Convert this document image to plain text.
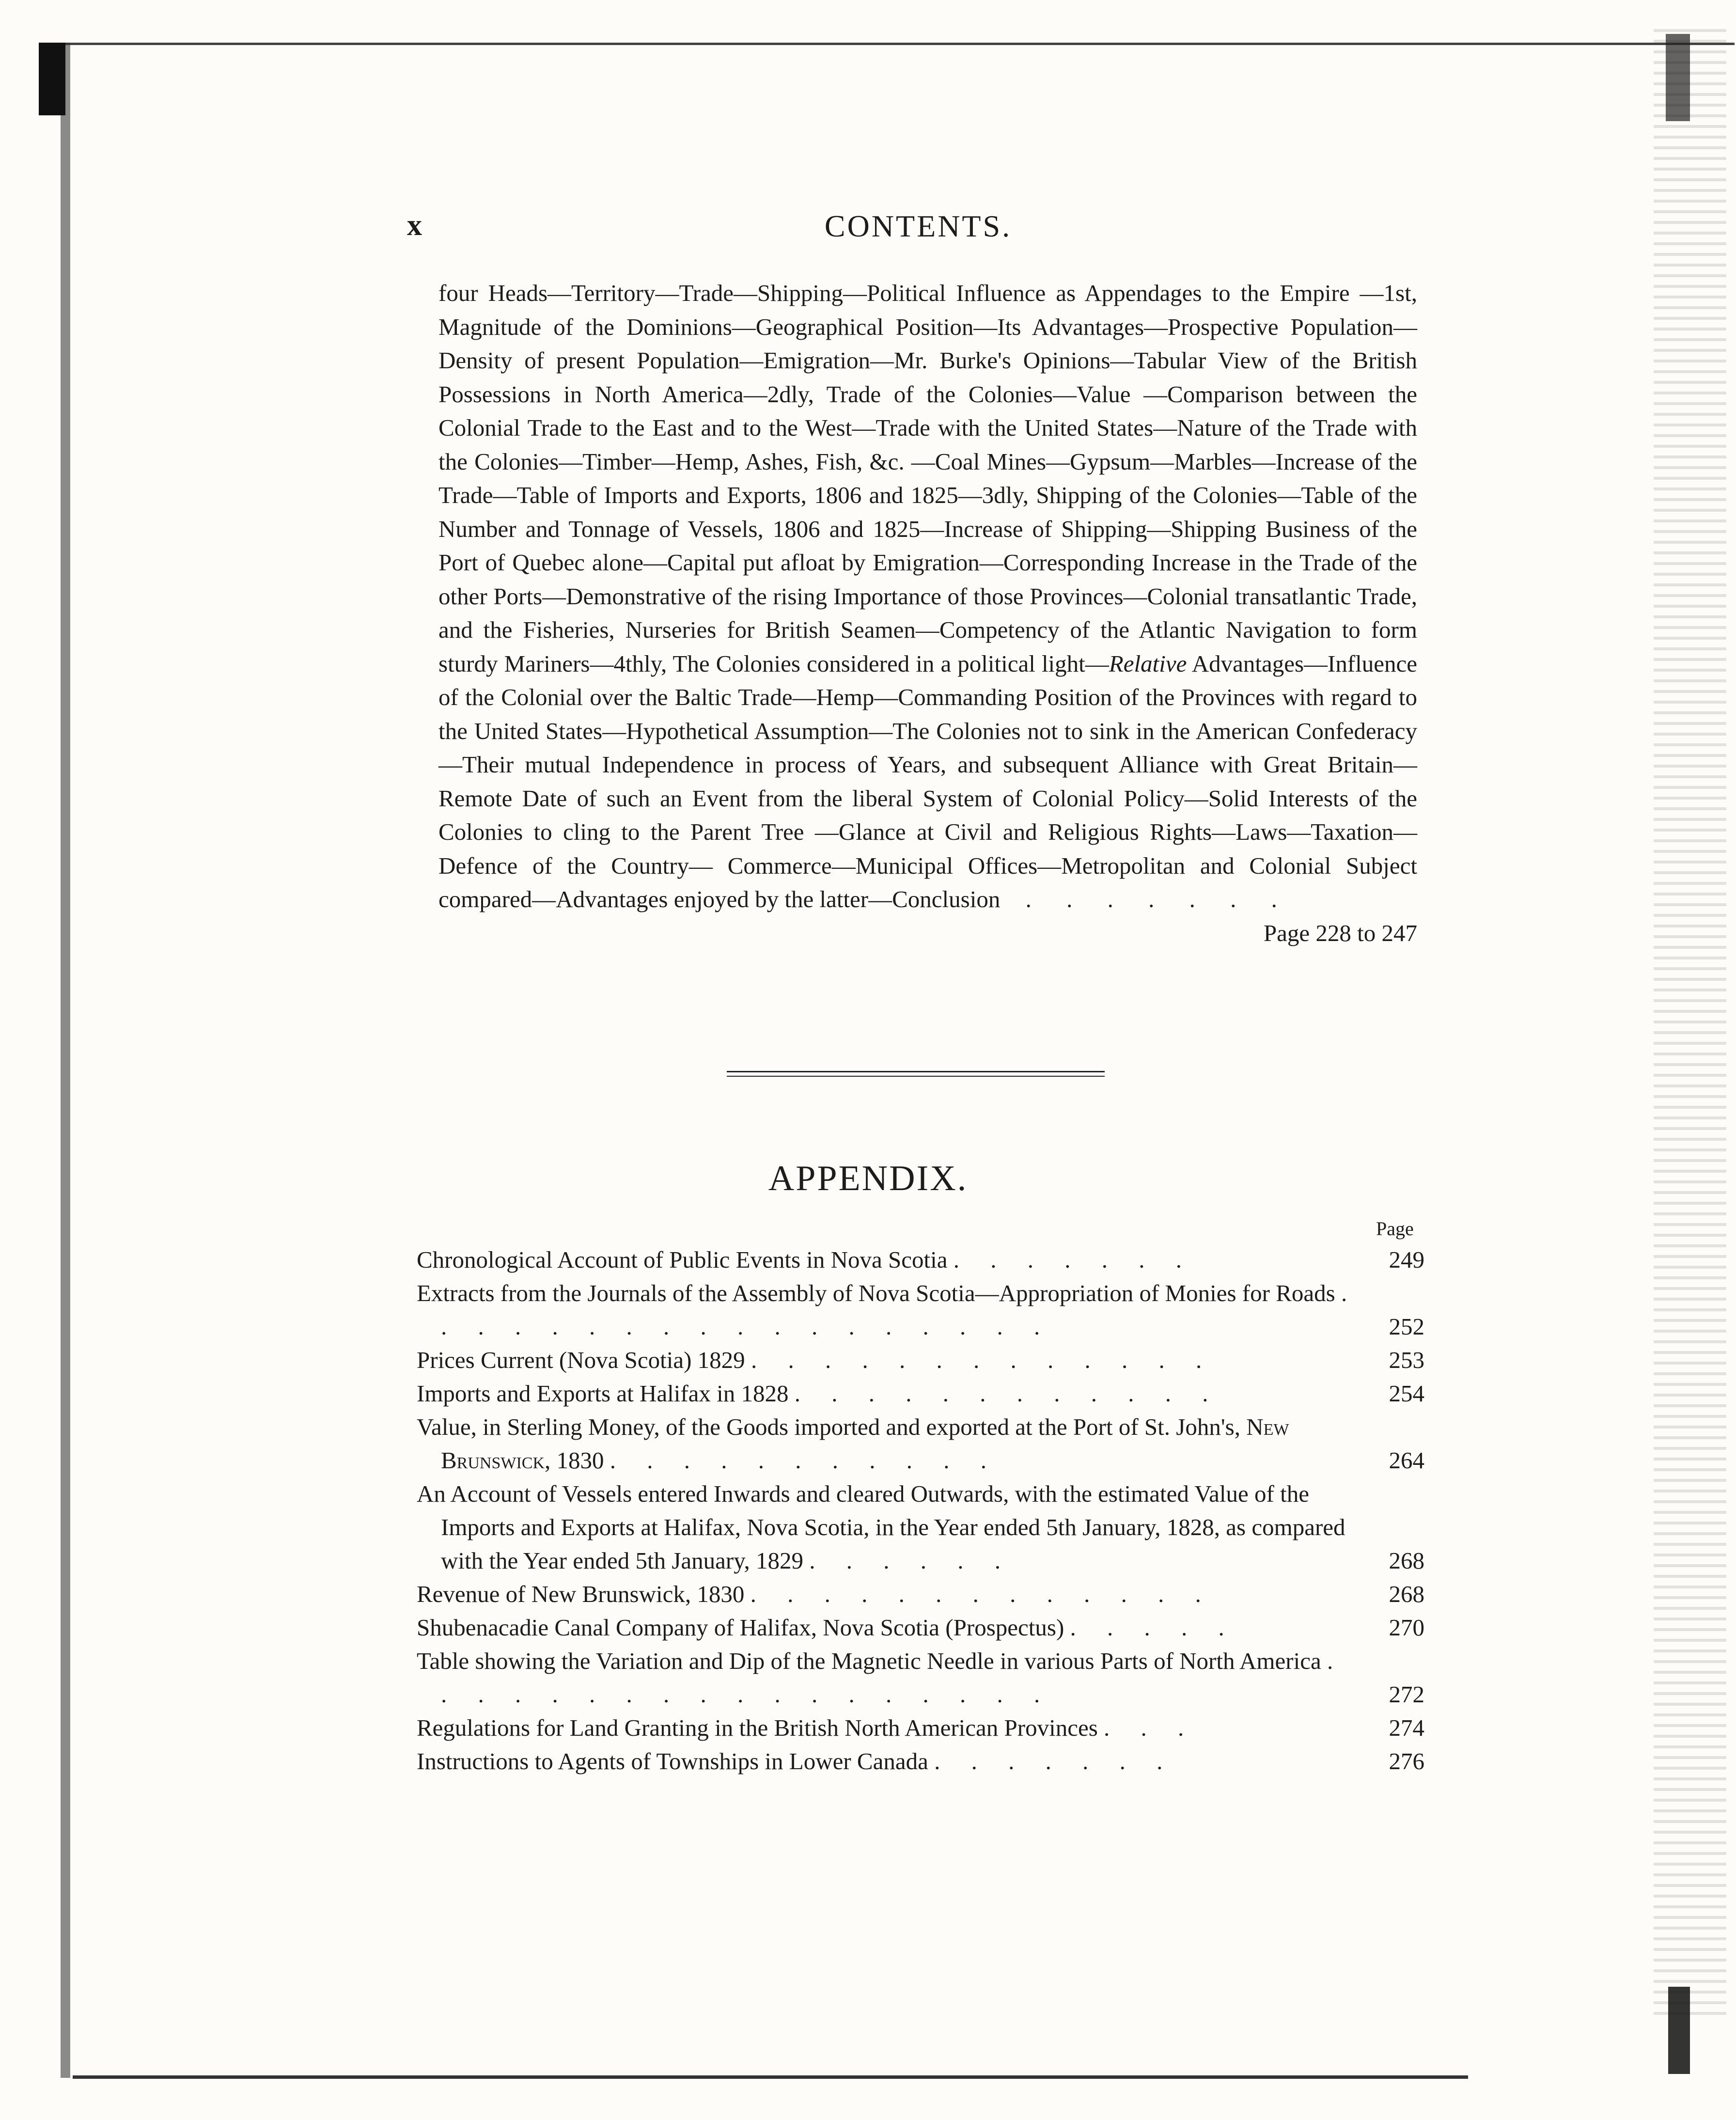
x	CONTENTS.
four Heads—Territory—Trade—Shipping—Political Influence as Appendages to the Empire —1st, Magnitude of the Dominions—Geographical Position—Its Advantages—Prospective Population—Density of present Population—Emigration—Mr. Burke's Opinions—Tabular View of the British Possessions in North America—2dly, Trade of the Colonies—Value —Comparison between the Colonial Trade to the East and to the West—Trade with the United States—Nature of the Trade with the Colonies—Timber—Hemp, Ashes, Fish, &c. —Coal Mines—Gypsum—Marbles—Increase of the Trade—Table of Imports and Exports, 1806 and 1825—3dly, Shipping of the Colonies—Table of the Number and Tonnage of Vessels, 1806 and 1825—Increase of Shipping—Shipping Business of the Port of Quebec alone—Capital put afloat by Emigration—Corresponding Increase in the Trade of the other Ports—Demonstrative of the rising Importance of those Provinces—Colonial transatlantic Trade, and the Fisheries, Nurseries for British Seamen—Competency of the Atlantic Navigation to form sturdy Mariners—4thly, The Colonies considered in a political light—Relative Advantages—Influence of the Colonial over the Baltic Trade—Hemp—Commanding Position of the Provinces with regard to the United States—Hypothetical Assumption—The Colonies not to sink in the American Confederacy—Their mutual Independence in process of Years, and subsequent Alliance with Great Britain—Remote Date of such an Event from the liberal System of Colonial Policy—Solid Interests of the Colonies to cling to the Parent Tree —Glance at Civil and Religious Rights—Laws—Taxation—Defence of the Country— Commerce—Municipal Offices—Metropolitan and Colonial Subject compared—Advantages enjoyed by the latter—Conclusion . . . . . . .
Page 228 to 247
APPENDIX.
Page
Chronological Account of Public Events in Nova Scotia . . . . . . .	249
Extracts from the Journals of the Assembly of Nova Scotia—Appropriation of Monies for Roads . . . . . . . . . . . . . . . . . .	252
Prices Current (Nova Scotia) 1829 . . . . . . . . . . . . .	253
Imports and Exports at Halifax in 1828 . . . . . . . . . . . .	254
Value, in Sterling Money, of the Goods imported and exported at the Port of St. John's, New Brunswick, 1830 . . . . . . . . . . .	264
An Account of Vessels entered Inwards and cleared Outwards, with the estimated Value of the Imports and Exports at Halifax, Nova Scotia, in the Year ended 5th January, 1828, as compared with the Year ended 5th January, 1829 . . . . . .	268
Revenue of New Brunswick, 1830 . . . . . . . . . . . . .	268
Shubenacadie Canal Company of Halifax, Nova Scotia (Prospectus) . . . . .	270
Table showing the Variation and Dip of the Magnetic Needle in various Parts of North America . . . . . . . . . . . . . . . . . .	272
Regulations for Land Granting in the British North American Provinces . . .	274
Instructions to Agents of Townships in Lower Canada . . . . . . .	276
